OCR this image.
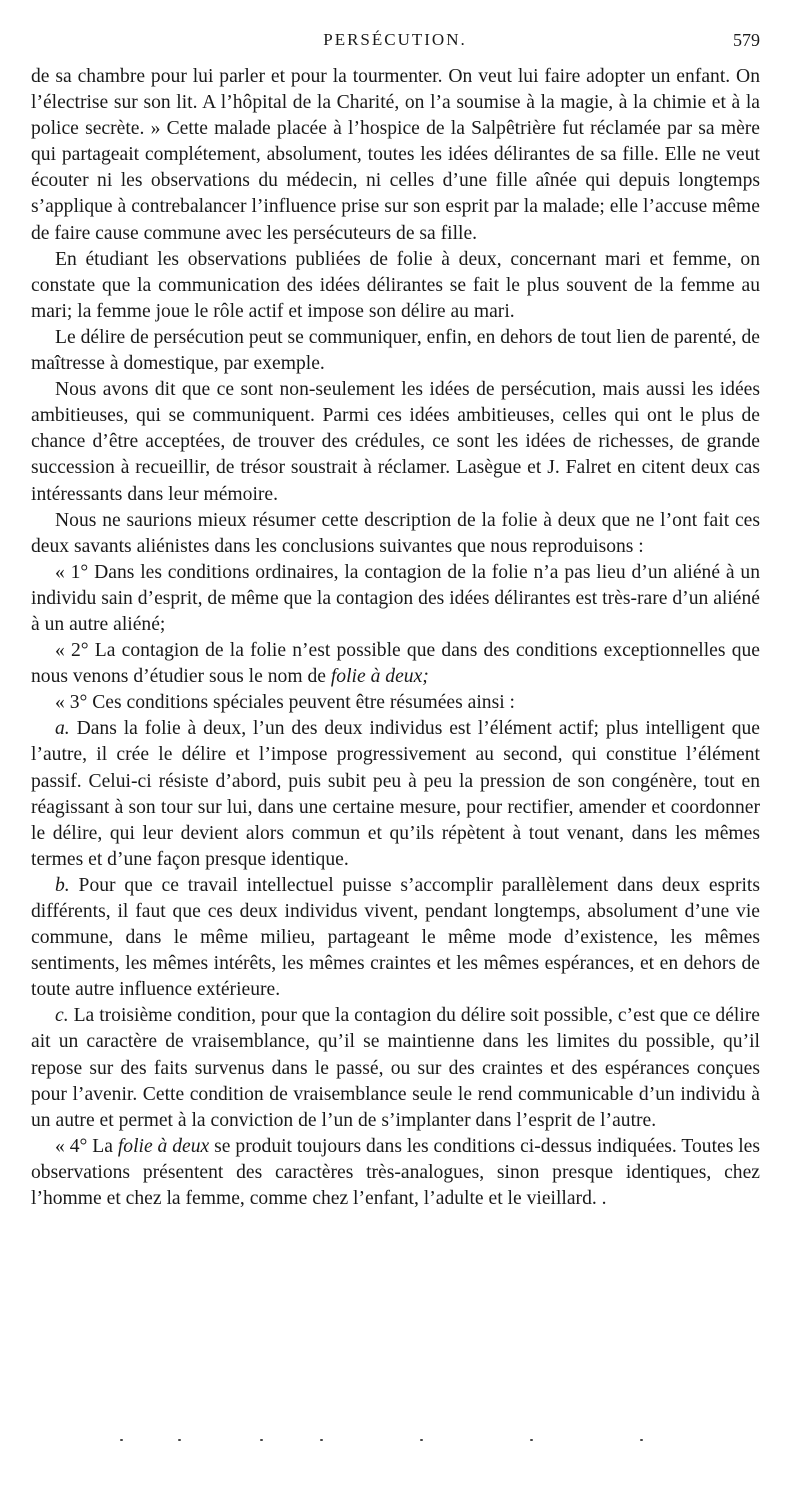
PERSÉCUTION.	579

de sa chambre pour lui parler et pour la tourmenter. On veut lui faire adopter un enfant. On l’électrise sur son lit. A l’hôpital de la Charité, on l’a soumise à la magie, à la chimie et à la police secrète. » Cette malade placée à l’hospice de la Salpêtrière fut réclamée par sa mère qui partageait complétement, absolument, toutes les idées délirantes de sa fille. Elle ne veut écouter ni les observations du médecin, ni celles d’une fille aînée qui depuis longtemps s’applique à contrebalancer l’influence prise sur son esprit par la malade; elle l’accuse même de faire cause commune avec les persécuteurs de sa fille.

En étudiant les observations publiées de folie à deux, concernant mari et femme, on constate que la communication des idées délirantes se fait le plus souvent de la femme au mari; la femme joue le rôle actif et impose son délire au mari.

Le délire de persécution peut se communiquer, enfin, en dehors de tout lien de parenté, de maîtresse à domestique, par exemple.

Nous avons dit que ce sont non-seulement les idées de persécution, mais aussi les idées ambitieuses, qui se communiquent. Parmi ces idées ambitieuses, celles qui ont le plus de chance d’être acceptées, de trouver des crédules, ce sont les idées de richesses, de grande succession à recueillir, de trésor soustrait à réclamer. Lasègue et J. Falret en citent deux cas intéressants dans leur mémoire.

Nous ne saurions mieux résumer cette description de la folie à deux que ne l’ont fait ces deux savants aliénistes dans les conclusions suivantes que nous reproduisons :

« 1° Dans les conditions ordinaires, la contagion de la folie n’a pas lieu d’un aliéné à un individu sain d’esprit, de même que la contagion des idées délirantes est très-rare d’un aliéné à un autre aliéné;

« 2° La contagion de la folie n’est possible que dans des conditions exceptionnelles que nous venons d’étudier sous le nom de folie à deux;

« 3° Ces conditions spéciales peuvent être résumées ainsi :

a. Dans la folie à deux, l’un des deux individus est l’élément actif; plus intelligent que l’autre, il crée le délire et l’impose progressivement au second, qui constitue l’élément passif. Celui-ci résiste d’abord, puis subit peu à peu la pression de son congénère, tout en réagissant à son tour sur lui, dans une certaine mesure, pour rectifier, amender et coordonner le délire, qui leur devient alors commun et qu’ils répètent à tout venant, dans les mêmes termes et d’une façon presque identique.

b. Pour que ce travail intellectuel puisse s’accomplir parallèlement dans deux esprits différents, il faut que ces deux individus vivent, pendant longtemps, absolument d’une vie commune, dans le même milieu, partageant le même mode d’existence, les mêmes sentiments, les mêmes intérêts, les mêmes craintes et les mêmes espérances, et en dehors de toute autre influence extérieure.

c. La troisième condition, pour que la contagion du délire soit possible, c’est que ce délire ait un caractère de vraisemblance, qu’il se maintienne dans les limites du possible, qu’il repose sur des faits survenus dans le passé, ou sur des craintes et des espérances conçues pour l’avenir. Cette condition de vraisemblance seule le rend communicable d’un individu à un autre et permet à la conviction de l’un de s’implanter dans l’esprit de l’autre.

« 4° La folie à deux se produit toujours dans les conditions ci-dessus indiquées. Toutes les observations présentent des caractères très-analogues, sinon presque identiques, chez l’homme et chez la femme, comme chez l’enfant, l’adulte et le vieillard. .
